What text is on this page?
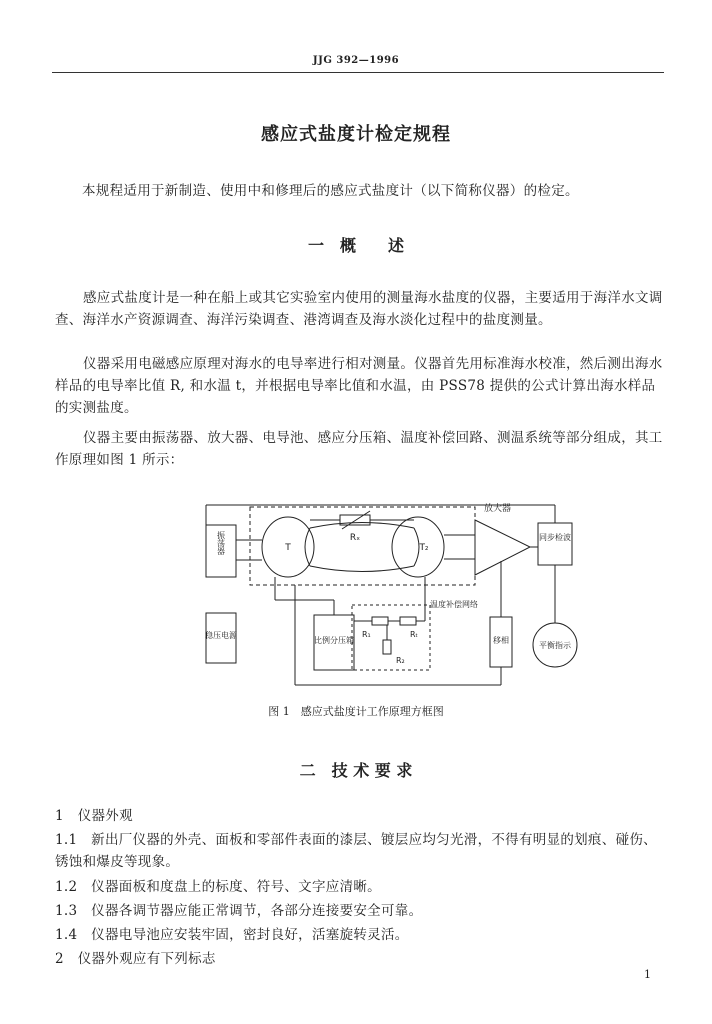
JJG 392—1996
感应式盐度计检定规程
本规程适用于新制造、使用中和修理后的感应式盐度计（以下简称仪器）的检定。
一　概　　述
感应式盐度计是一种在船上或其它实验室内使用的测量海水盐度的仪器，主要适用于海洋水文调查、海洋水产资源调查、海洋污染调查、港湾调查及海水淡化过程中的盐度测量。
仪器采用电磁感应原理对海水的电导率进行相对测量。仪器首先用标准海水校准，然后测出海水样品的电导率比值 R, 和水温 t，并根据电导率比值和水温，由 PSS78 提供的公式计算出海水样品的实测盐度。
仪器主要由振荡器、放大器、电导池、感应分压箱、温度补偿回路、测温系统等部分组成，其工作原理如图 1 所示：
振荡器	T	T₂
Rₓ
放大器
同步检波
平衡指示
稳压电源
比例分压箱
温度补偿网络
R₁	Rₜ
R₂
移相
图 1　感应式盐度计工作原理方框图
二　技 术 要 求
1　仪器外观
1.1　新出厂仪器的外壳、面板和零部件表面的漆层、镀层应均匀光滑，不得有明显的划痕、碰伤、锈蚀和爆皮等现象。
1.2　仪器面板和度盘上的标度、符号、文字应清晰。
1.3　仪器各调节器应能正常调节，各部分连接要安全可靠。
1.4　仪器电导池应安装牢固，密封良好，活塞旋转灵活。
2　仪器外观应有下列标志
1
